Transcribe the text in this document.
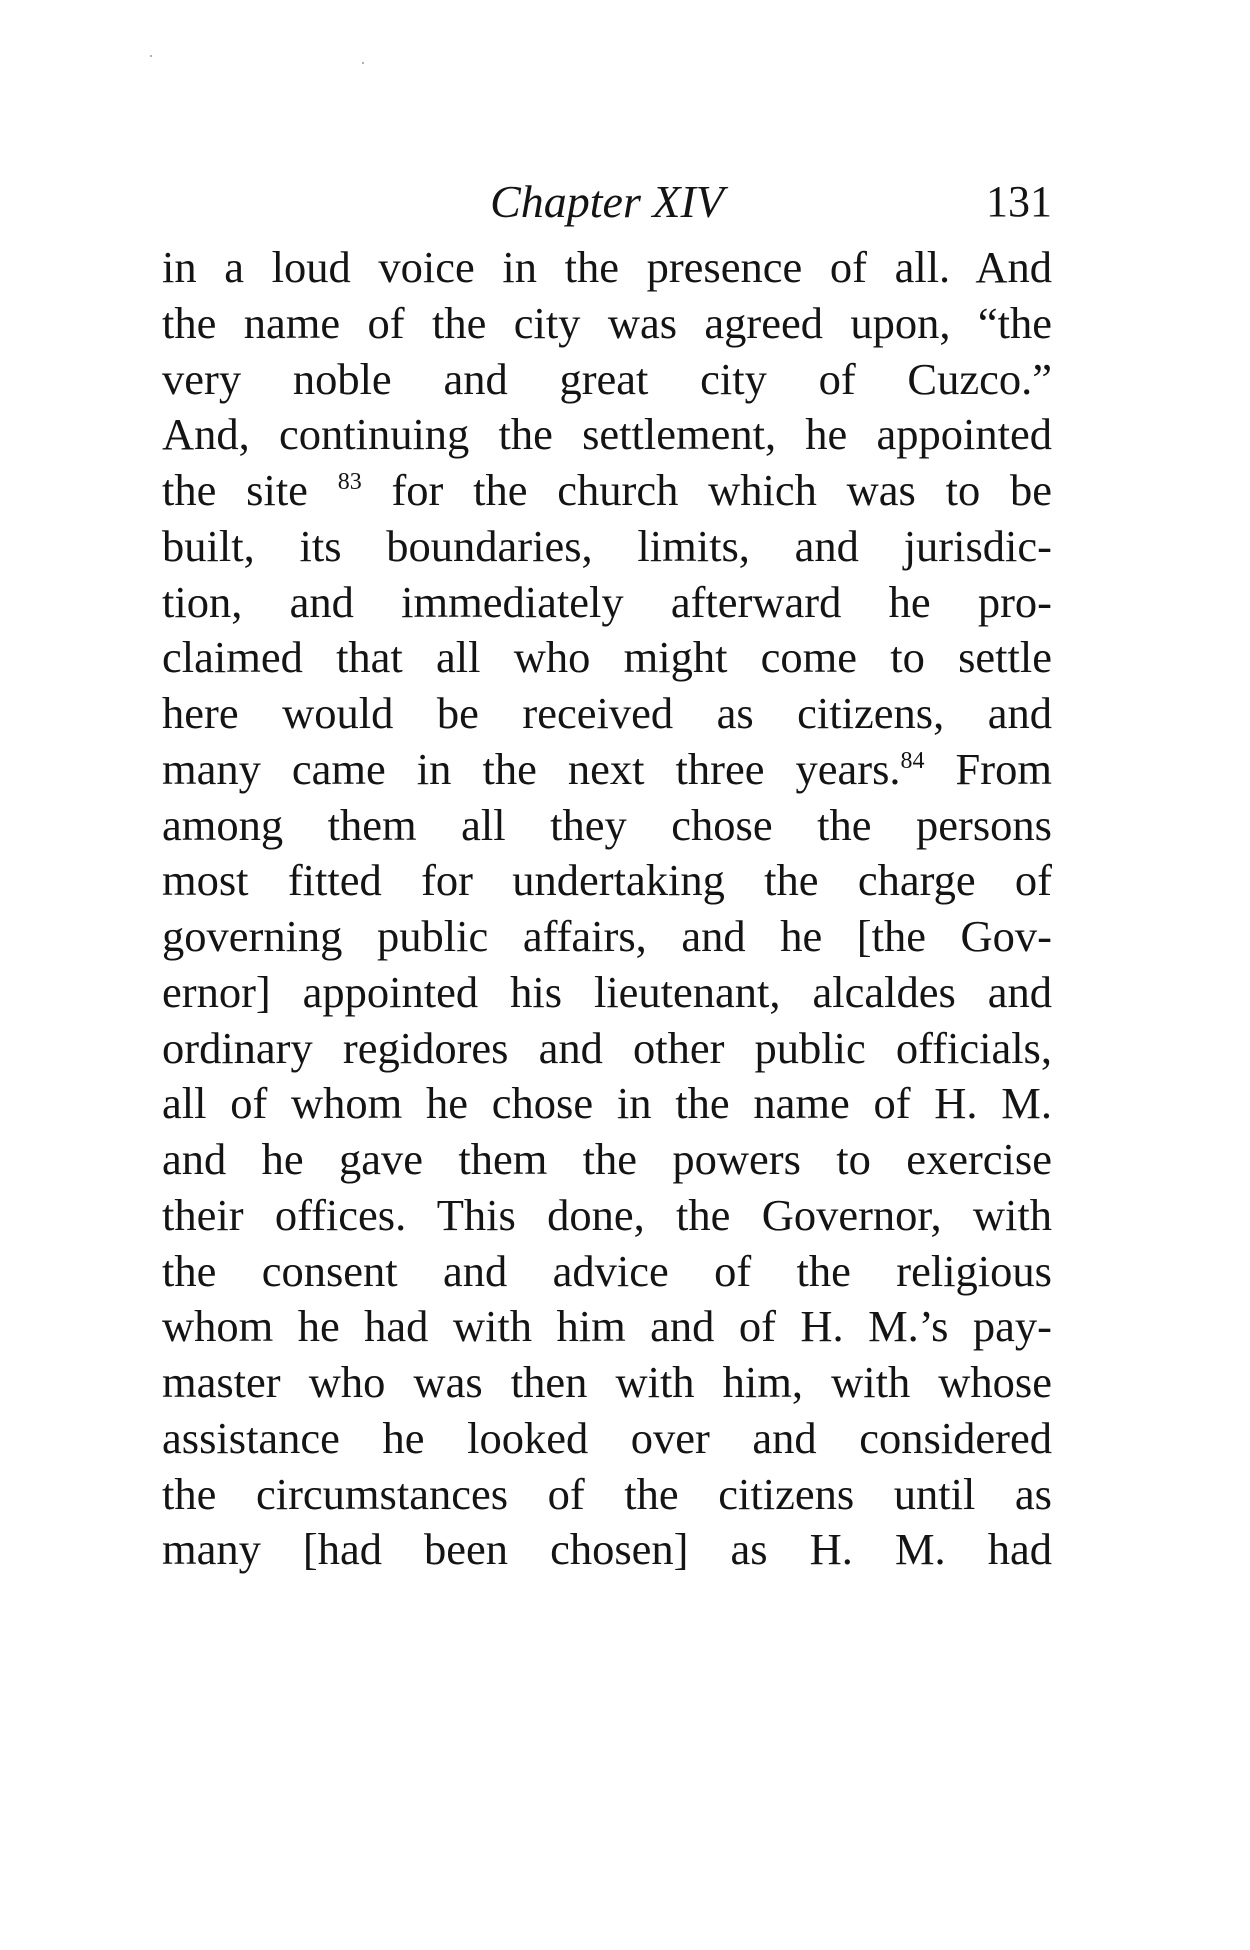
Chapter XIV	131
in a loud voice in the presence of all. And
the name of the city was agreed upon, “the
very noble and great city of Cuzco.”
And, continuing the settlement, he appointed
the site $^{83}$ for the church which was to be
built, its boundaries, limits, and jurisdic-
tion, and immediately afterward he pro-
claimed that all who might come to settle
here would be received as citizens, and
many came in the next three years.$^{84}$ From
among them all they chose the persons
most fitted for undertaking the charge of
governing public affairs, and he [the Gov-
ernor] appointed his lieutenant, alcaldes and
ordinary regidores and other public officials,
all of whom he chose in the name of H. M.
and he gave them the powers to exercise
their offices. This done, the Governor, with
the consent and advice of the religious
whom he had with him and of H. M.’s pay-
master who was then with him, with whose
assistance he looked over and considered
the circumstances of the citizens until as
many [had been chosen] as H. M. had
